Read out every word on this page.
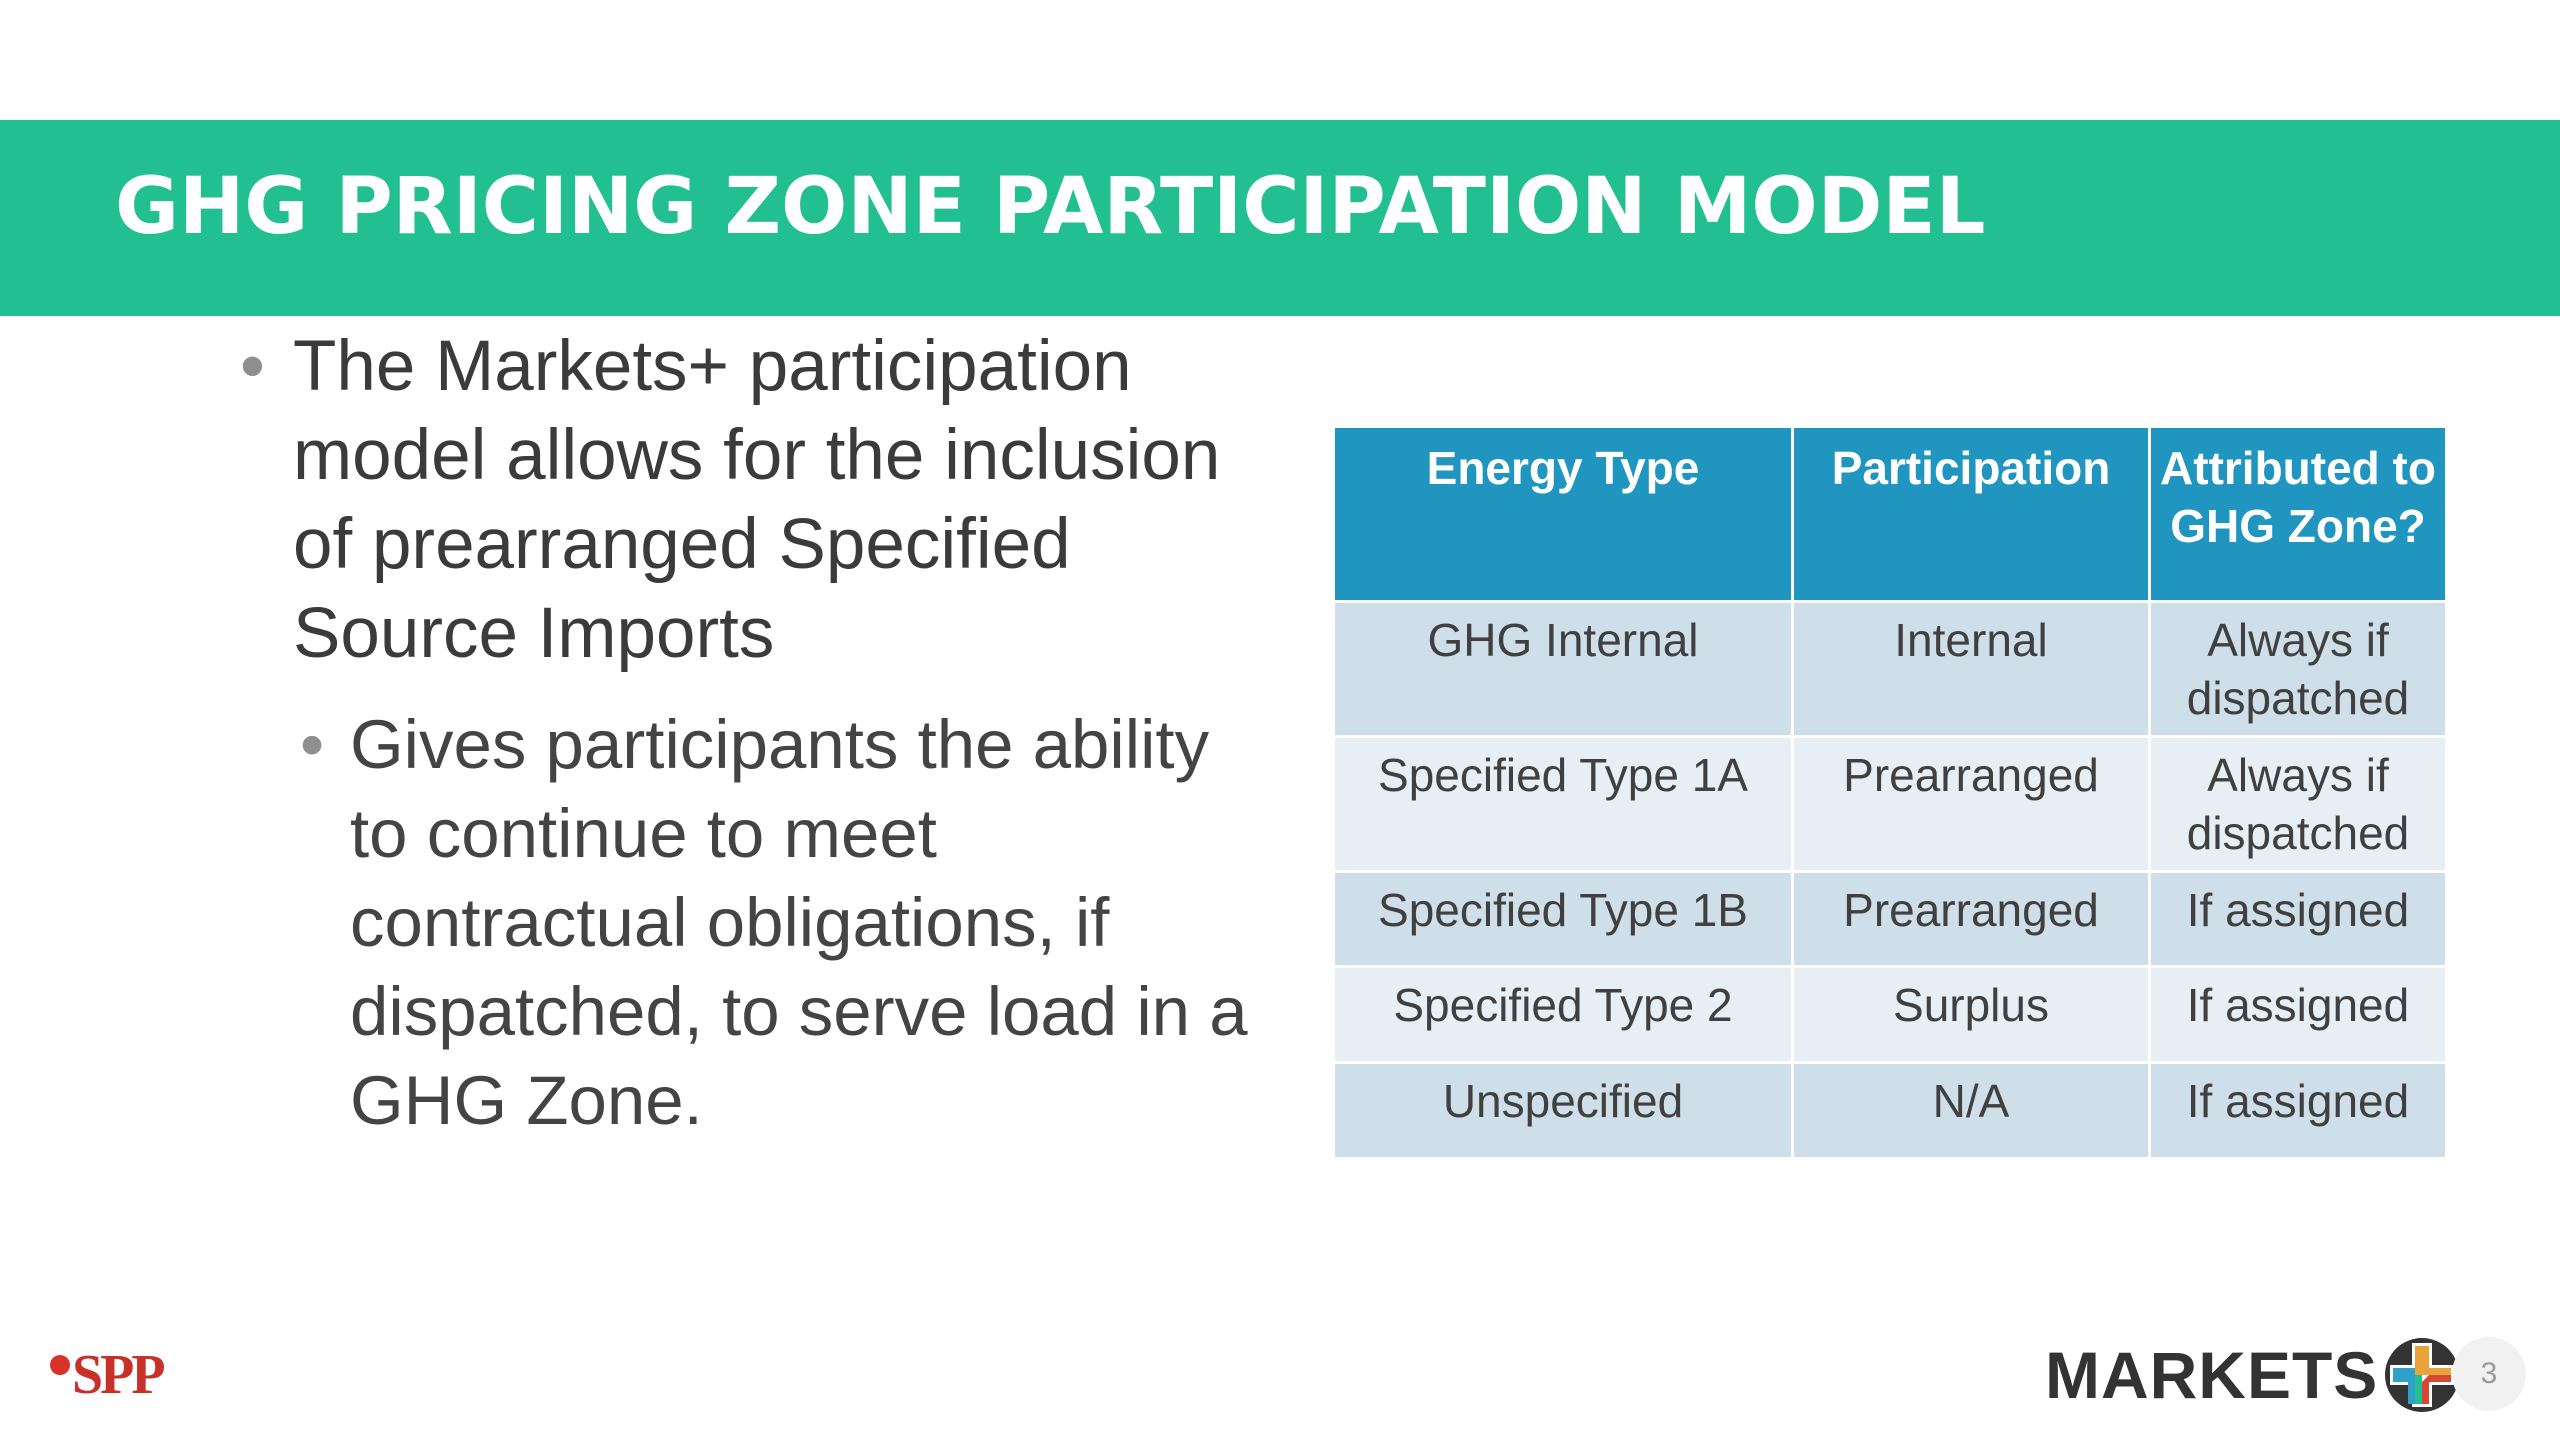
GHG PRICING ZONE PARTICIPATION MODEL
• The Markets+ participation model allows for the inclusion of prearranged Specified Source Imports
• Gives participants the ability to continue to meet contractual obligations, if dispatched, to serve load in a GHG Zone.
Energy Type	Participation	Attributed to GHG Zone?
GHG Internal	Internal	Always if dispatched
Specified Type 1A	Prearranged	Always if dispatched
Specified Type 1B	Prearranged	If assigned
Specified Type 2	Surplus	If assigned
Unspecified	N/A	If assigned
SPP	MARKETS	3
